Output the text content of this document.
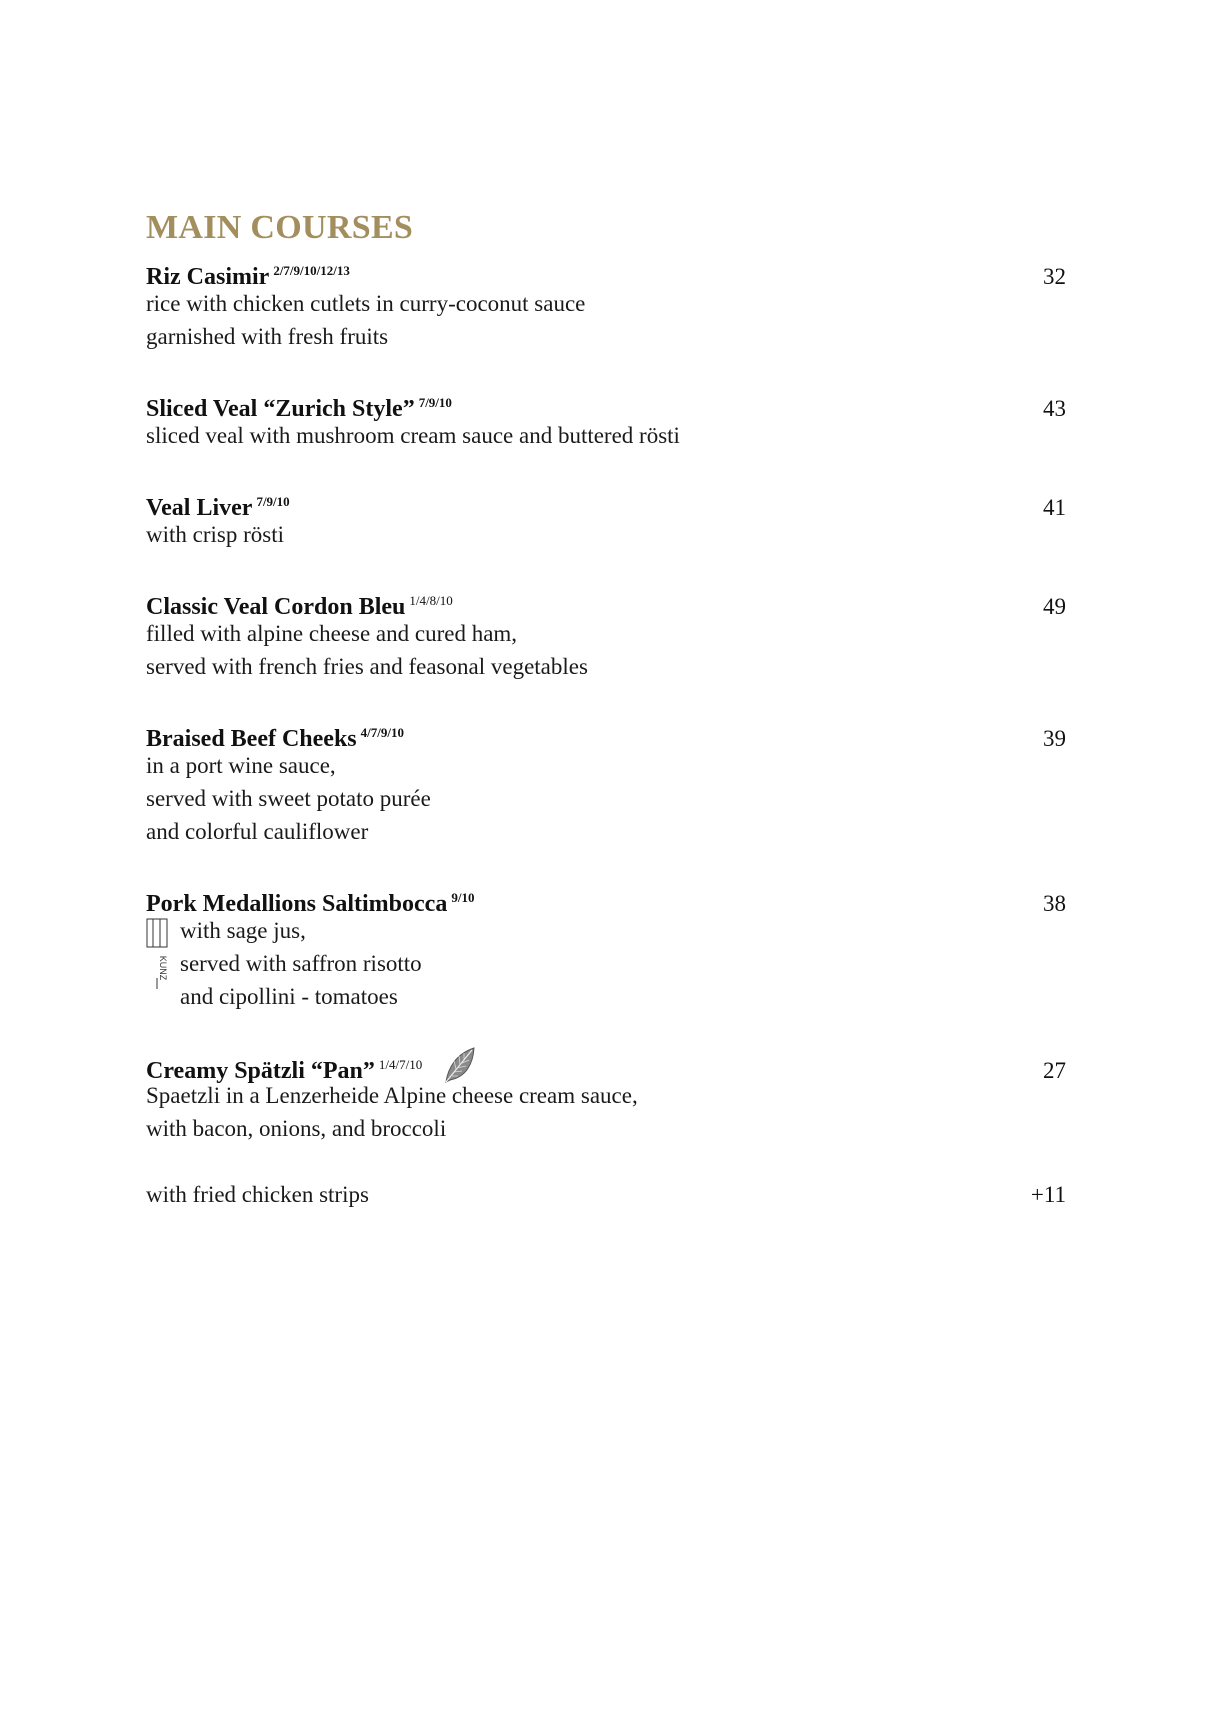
MAIN COURSES
Riz Casimir $^{2/7/9/10/12/13}$	32
rice with chicken cutlets in curry-coconut sauce
garnished with fresh fruits
Sliced Veal “Zurich Style” $^{7/9/10}$	43
sliced veal with mushroom cream sauce and buttered rösti
Veal Liver $^{7/9/10}$	41
with crisp rösti
Classic Veal Cordon Bleu $^{1/4/8/10}$	49
filled with alpine cheese and cured ham,
served with french fries and feasonal vegetables
Braised Beef Cheeks $^{4/7/9/10}$	39
in a port wine sauce,
served with sweet potato purée
and colorful cauliflower
Pork Medallions Saltimbocca $^{9/10}$	38
KUNZ
with sage jus,
served with saffron risotto
and cipollini - tomatoes
Creamy Spätzli “Pan” $^{1/4/7/10}$	27
Spaetzli in a Lenzerheide Alpine cheese cream sauce,
with bacon, onions, and broccoli
with fried chicken strips	+11
